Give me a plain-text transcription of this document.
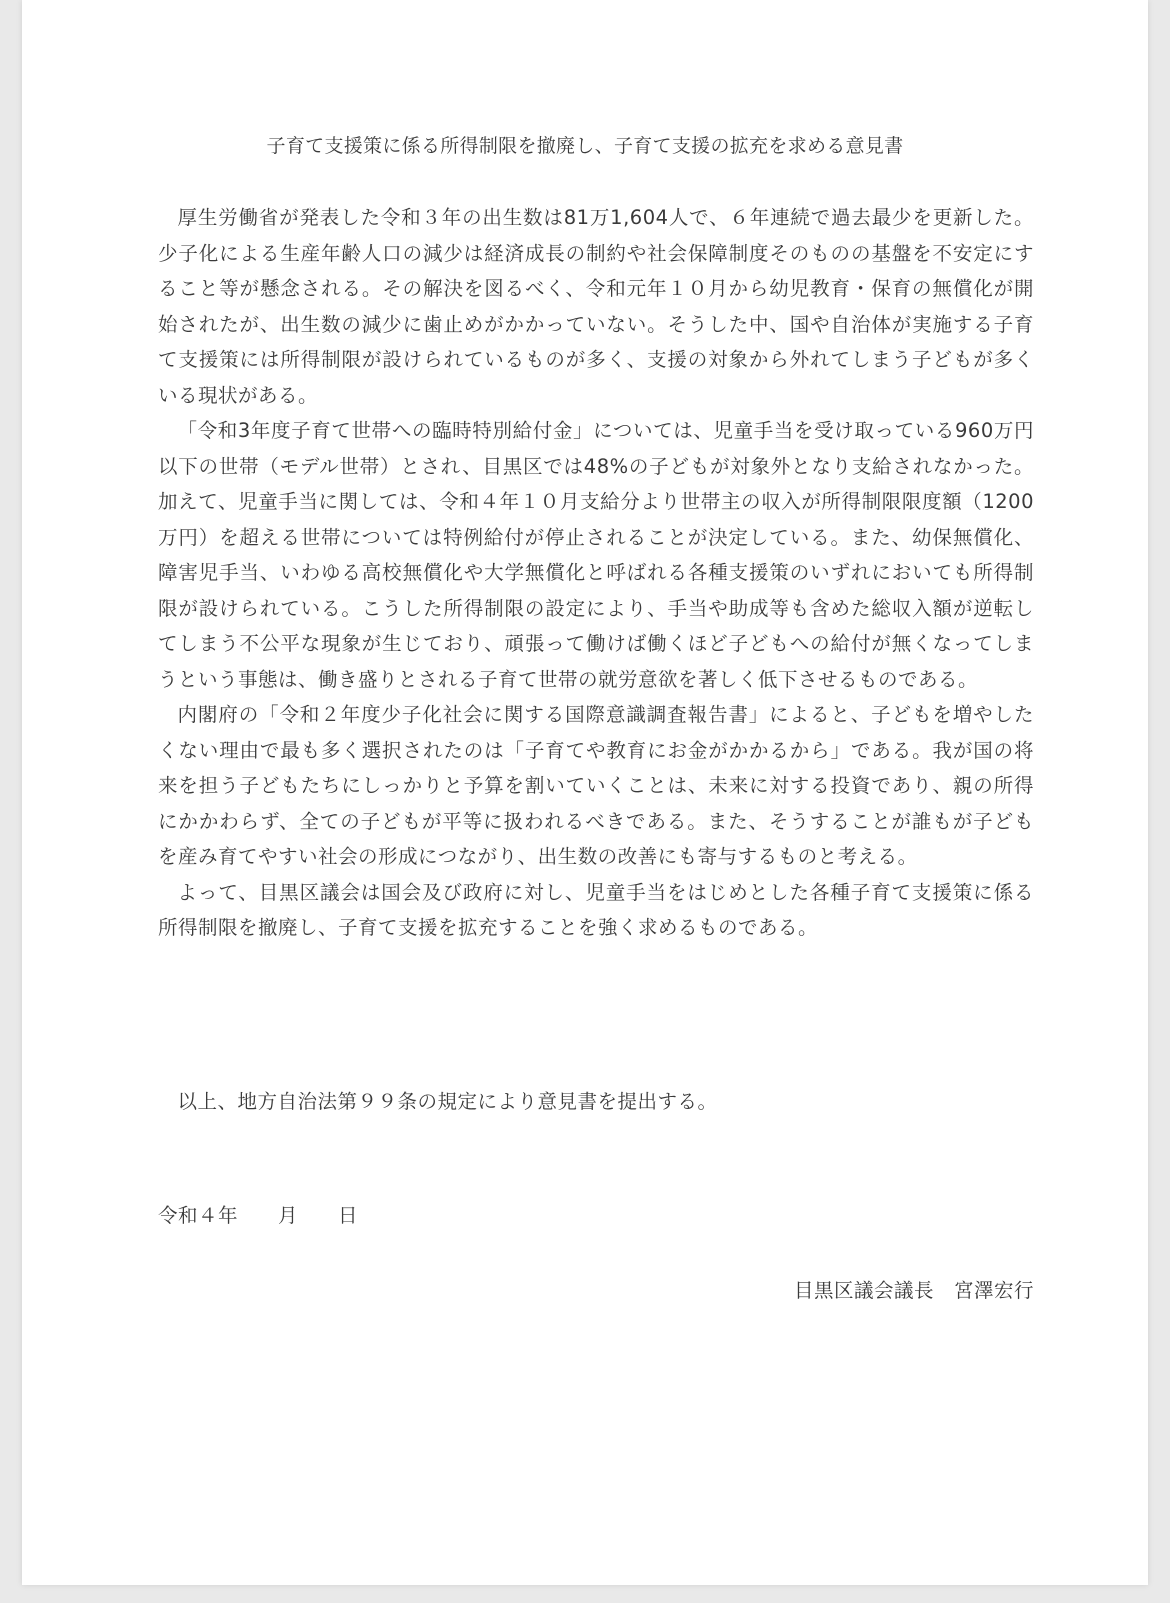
子育て支援策に係る所得制限を撤廃し、子育て支援の拡充を求める意見書

厚生労働省が発表した令和３年の出生数は81万1,604人で、６年連続で過去最少を更新した。少子化による生産年齢人口の減少は経済成長の制約や社会保障制度そのものの基盤を不安定にすること等が懸念される。その解決を図るべく、令和元年１０月から幼児教育・保育の無償化が開始されたが、出生数の減少に歯止めがかかっていない。そうした中、国や自治体が実施する子育て支援策には所得制限が設けられているものが多く、支援の対象から外れてしまう子どもが多くいる現状がある。

「令和3年度子育て世帯への臨時特別給付金」については、児童手当を受け取っている960万円以下の世帯（モデル世帯）とされ、目黒区では48%の子どもが対象外となり支給されなかった。加えて、児童手当に関しては、令和４年１０月支給分より世帯主の収入が所得制限限度額（1200万円）を超える世帯については特例給付が停止されることが決定している。また、幼保無償化、障害児手当、いわゆる高校無償化や大学無償化と呼ばれる各種支援策のいずれにおいても所得制限が設けられている。こうした所得制限の設定により、手当や助成等も含めた総収入額が逆転してしまう不公平な現象が生じており、頑張って働けば働くほど子どもへの給付が無くなってしまうという事態は、働き盛りとされる子育て世帯の就労意欲を著しく低下させるものである。

内閣府の「令和２年度少子化社会に関する国際意識調査報告書」によると、子どもを増やしたくない理由で最も多く選択されたのは「子育てや教育にお金がかかるから」である。我が国の将来を担う子どもたちにしっかりと予算を割いていくことは、未来に対する投資であり、親の所得にかかわらず、全ての子どもが平等に扱われるべきである。また、そうすることが誰もが子どもを産み育てやすい社会の形成につながり、出生数の改善にも寄与するものと考える。

よって、目黒区議会は国会及び政府に対し、児童手当をはじめとした各種子育て支援策に係る所得制限を撤廃し、子育て支援を拡充することを強く求めるものである。

以上、地方自治法第９９条の規定により意見書を提出する。

令和４年　　月　　日

目黒区議会議長　宮澤宏行
